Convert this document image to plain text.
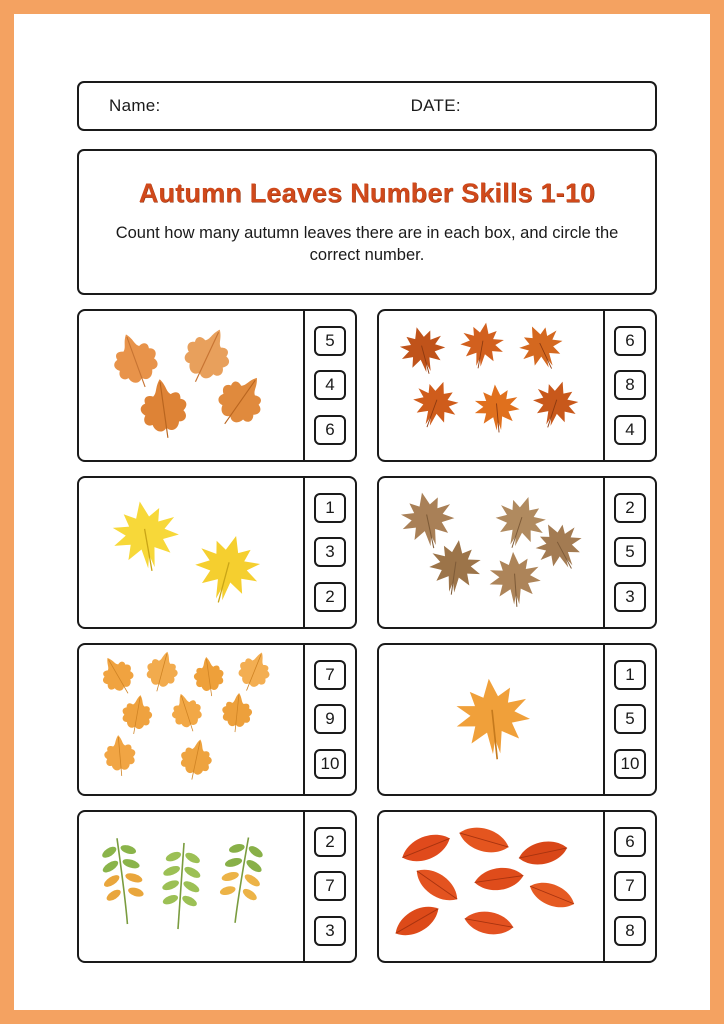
Name:	DATE:
Autumn Leaves Number Skills 1-10
Count how many autumn leaves there are in each box, and circle the correct number.
5
4
6
6
8
4
1
3
2
2
5
3
7
9
10
1
5
10
2
7
3
6
7
8
